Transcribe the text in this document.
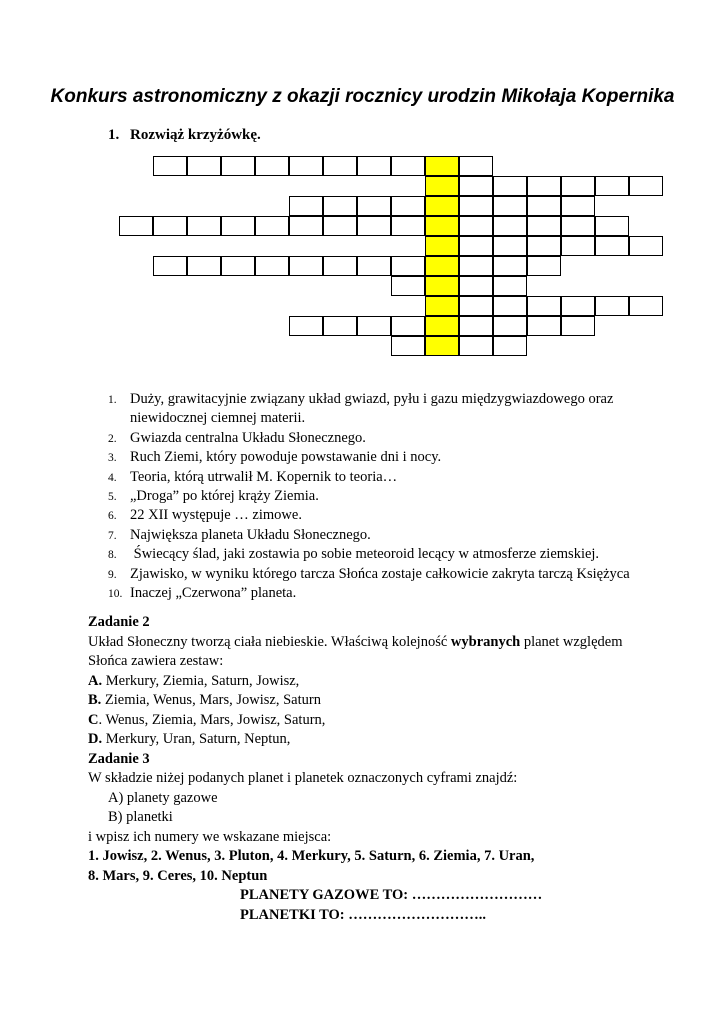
Konkurs astronomiczny z okazji rocznicy urodzin Mikołaja Kopernika
1. Rozwiąż krzyżówkę.
1. Duży, grawitacyjnie związany układ gwiazd, pyłu i gazu międzygwiazdowego oraz
niewidocznej ciemnej materii.
2. Gwiazda centralna Układu Słonecznego.
3. Ruch Ziemi, który powoduje powstawanie dni i nocy.
4. Teoria, którą utrwalił M. Kopernik to teoria…
5. „Droga” po której krąży Ziemia.
6. 22 XII występuje … zimowe.
7. Największa planeta Układu Słonecznego.
8. Świecący ślad, jaki zostawia po sobie meteoroid lecący w atmosferze ziemskiej.
9. Zjawisko, w wyniku którego tarcza Słońca zostaje całkowicie zakryta tarczą Księżyca
10. Inaczej „Czerwona” planeta.
Zadanie 2
Układ Słoneczny tworzą ciała niebieskie. Właściwą kolejność wybranych planet względem
Słońca zawiera zestaw:
A. Merkury, Ziemia, Saturn, Jowisz,
B. Ziemia, Wenus, Mars, Jowisz, Saturn
C. Wenus, Ziemia, Mars, Jowisz, Saturn,
D. Merkury, Uran, Saturn, Neptun,
Zadanie 3
W składzie niżej podanych planet i planetek oznaczonych cyframi znajdź:
A) planety gazowe
B) planetki
i wpisz ich numery we wskazane miejsca:
1. Jowisz, 2. Wenus, 3. Pluton, 4. Merkury, 5. Saturn, 6. Ziemia, 7. Uran,
8. Mars, 9. Ceres, 10. Neptun
PLANETY GAZOWE TO: ………………………
PLANETKI TO: ………………………..
